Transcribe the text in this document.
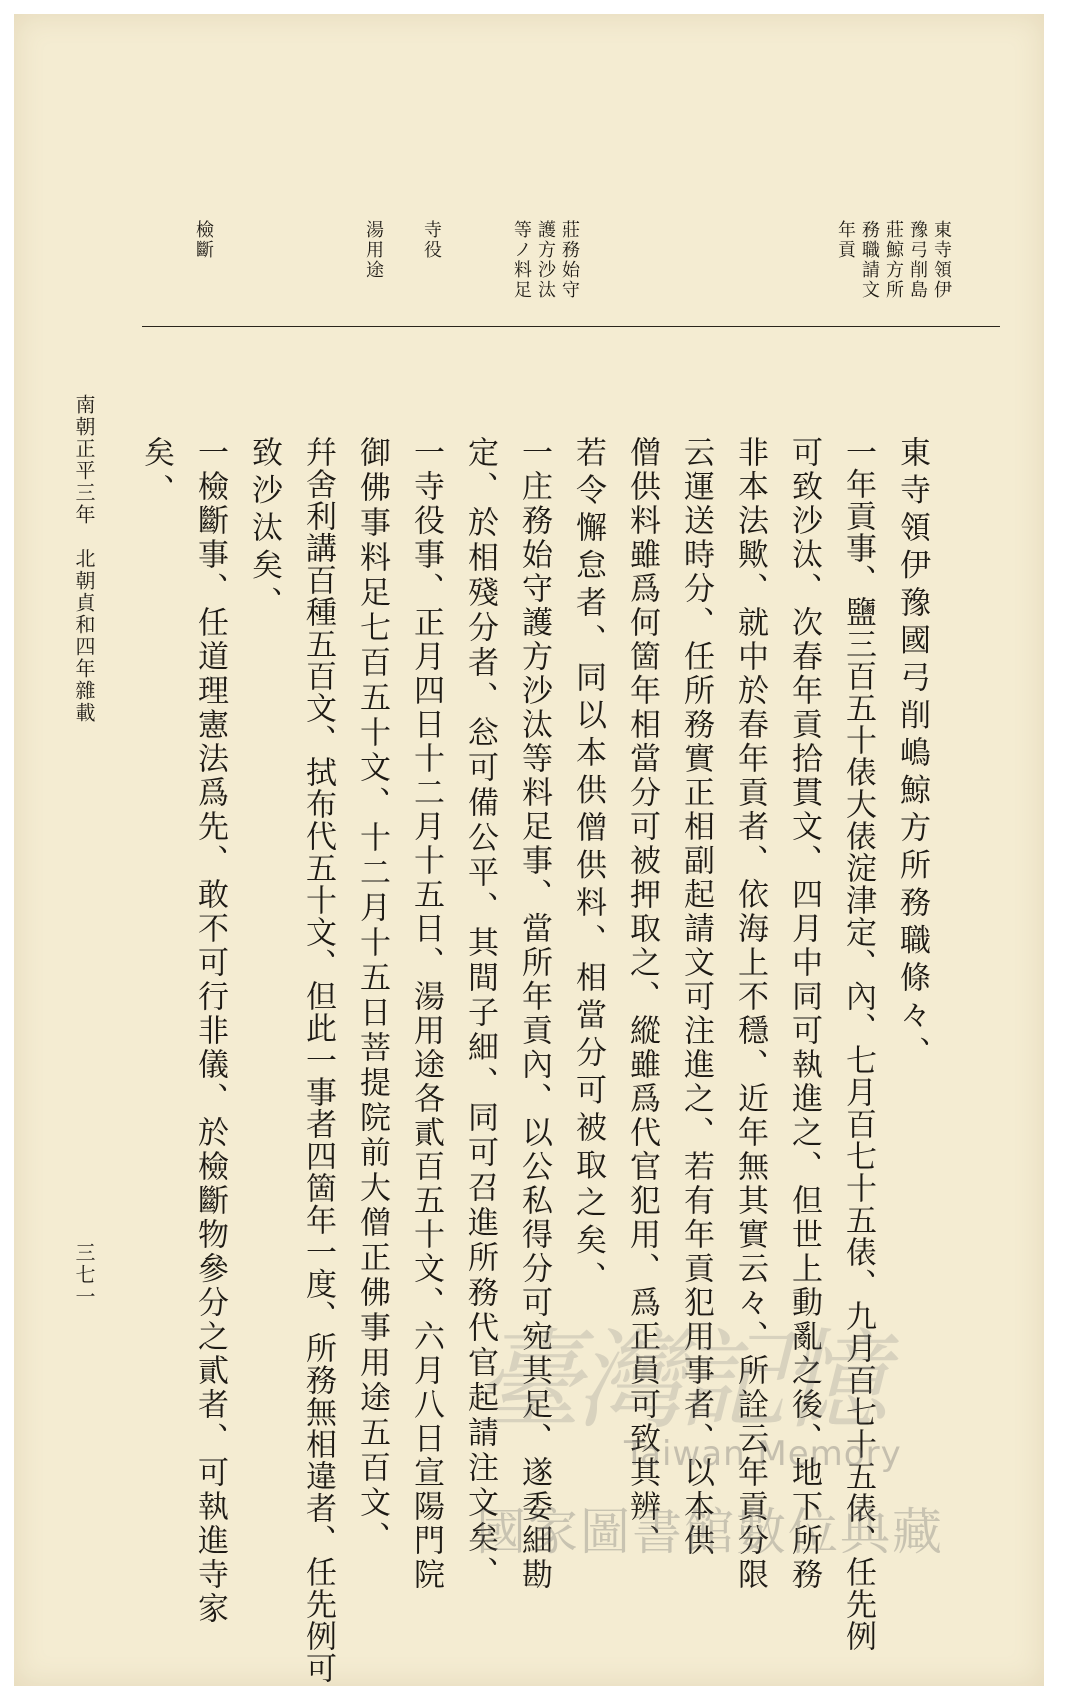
東寺領伊
豫弓削島
莊鯨方所
務職請文
年貢
莊務始守
護方沙汰
等ノ料足
寺役
湯用途
檢斷
東寺領伊豫國弓削嶋鯨方所務職條々、
一年貢事、鹽三百五十俵大俵淀津定、內、七月百七十五俵、九月百七十五俵、任先例
可致沙汰、次春年貢拾貫文、四月中同可執進之、但世上動亂之後、地下所務
非本法歟、就中於春年貢者、依海上不穩、近年無其實云々、所詮云年貢分限
云運送時分、任所務實正相副起請文可注進之、若有年貢犯用事者、以本供
僧供料雖爲何箇年相當分可被押取之、縱雖爲代官犯用、爲正員可致其辨、
若令懈怠者、同以本供僧供料、相當分可被取之矣、
一庄務始守護方沙汰等料足事、當所年貢內、以公私得分可宛其足、遂委細勘
定、於相殘分者、忩可備公平、其間子細、同可召進所務代官起請注文矣、
一寺役事、正月四日十二月十五日、湯用途各貳百五十文、六月八日宣陽門院
御佛事料足七百五十文、十二月十五日菩提院前大僧正佛事用途五百文、
幷舍利講百種五百文、拭布代五十文、但此一事者四箇年一度、所務無相違者、任先例可
致沙汰矣、
一檢斷事、任道理憲法爲先、敢不可行非儀、於檢斷物參分之貳者、可執進寺家
矣、
南朝正平三年　北朝貞和四年雜載
三七一
臺灣記憶
Taiwan Memory
國家圖書館數位典藏
